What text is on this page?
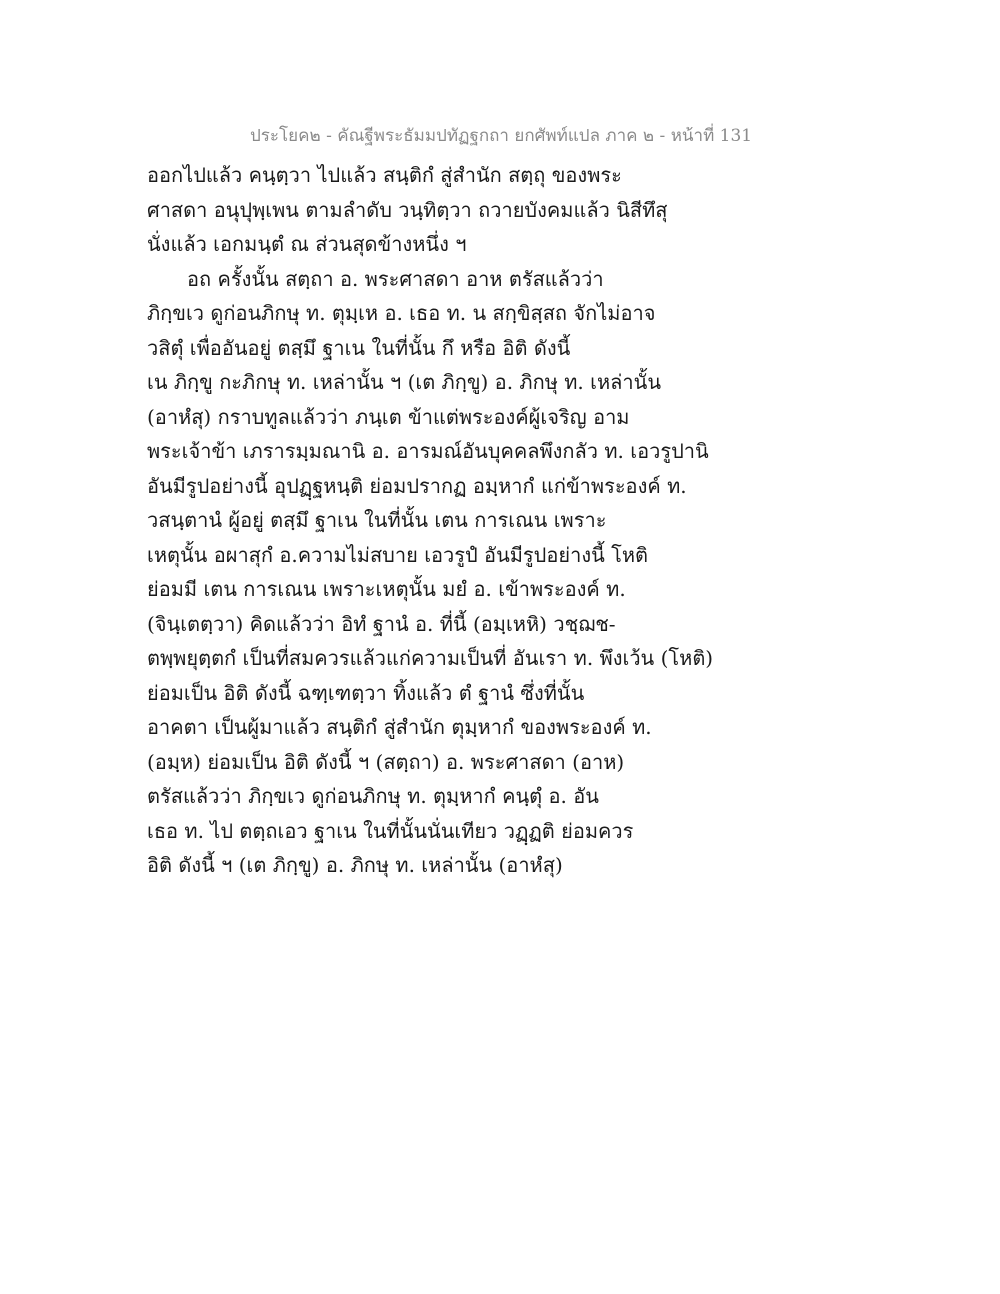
ประโยค๒ - คัณฐีพระธัมมปทัฏฐกถา ยกศัพท์แปล ภาค ๒ - หน้าที่ 131
ออกไปแล้ว คนฺตฺวา ไปแล้ว สนฺติกํ สู่สำนัก สตฺถุ ของพระ
ศาสดา อนุปุพฺเพน ตามลำดับ วนฺทิตฺวา ถวายบังคมแล้ว นิสีทึสุ
นั่งแล้ว เอกมนฺตํ ณ ส่วนสุดข้างหนึ่ง ฯ
อถ ครั้งนั้น สตฺถา อ. พระศาสดา อาห ตรัสแล้วว่า
ภิกฺขเว ดูก่อนภิกษุ ท. ตุมฺเห อ. เธอ ท. น สกฺขิสฺสถ จักไม่อาจ
วสิตุํ เพื่ออันอยู่ ตสฺมึ ฐาเน ในที่นั้น กึ หรือ อิติ ดังนี้
เน ภิกฺขู กะภิกษุ ท. เหล่านั้น ฯ (เต ภิกฺขู) อ. ภิกษุ ท. เหล่านั้น
(อาหํสุ) กราบทูลแล้วว่า ภนฺเต ข้าแต่พระองค์ผู้เจริญ อาม
พระเจ้าข้า เภรารมฺมณานิ อ. อารมณ์อันบุคคลพึงกลัว ท. เอวรูปานิ
อันมีรูปอย่างนี้ อุปฏฺฐหนฺติ ย่อมปรากฏ อมฺหากํ แก่ข้าพระองค์ ท.
วสนฺตานํ ผู้อยู่ ตสฺมึ ฐาเน ในที่นั้น เตน การเณน เพราะ
เหตุนั้น อผาสุกํ อ.ความไม่สบาย เอวรูปํ อันมีรูปอย่างนี้ โหติ
ย่อมมี เตน การเณน เพราะเหตุนั้น มยํ อ. เข้าพระองค์ ท.
(จินฺเตตฺวา) คิดแล้วว่า อิทํ ฐานํ อ. ที่นี้ (อมฺเหหิ) วชฺฌช-
ตพฺพยุตฺตกํ เป็นที่สมควรแล้วแก่ความเป็นที่ อันเรา ท. พึงเว้น (โหติ)
ย่อมเป็น อิติ ดังนี้ ฉฑฺเฑตฺวา ทิ้งแล้ว ตํ ฐานํ ซึ่งที่นั้น
อาคตา เป็นผู้มาแล้ว สนฺติกํ สู่สำนัก ตุมฺหากํ ของพระองค์ ท.
(อมฺห) ย่อมเป็น อิติ ดังนี้ ฯ (สตฺถา) อ. พระศาสดา (อาห)
ตรัสแล้วว่า ภิกฺขเว ดูก่อนภิกษุ ท. ตุมฺหากํ คนฺตุํ อ. อัน
เธอ ท. ไป ตตฺถเอว ฐาเน ในที่นั้นนั่นเทียว วฏฺฏติ ย่อมควร
อิติ ดังนี้ ฯ (เต ภิกฺขู) อ. ภิกษุ ท. เหล่านั้น (อาหํสุ)
